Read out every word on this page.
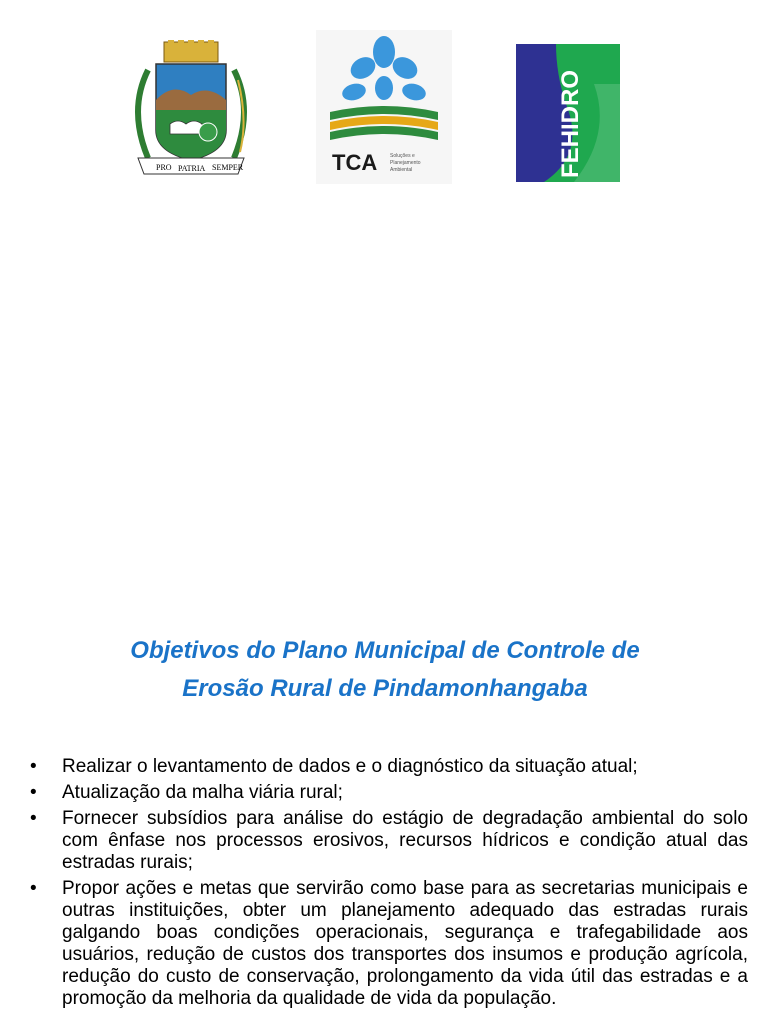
PRO PATRIA SEMPER	TCA	Soluções e
Planejamento
Ambiental	FEHIDRO
Objetivos do Plano Municipal de Controle de
Erosão Rural de Pindamonhangaba
• Realizar o levantamento de dados e o diagnóstico da situação atual;
• Atualização da malha viária rural;
• Fornecer subsídios para análise do estágio de degradação ambiental do solo com ênfase nos processos erosivos, recursos hídricos e condição atual das estradas rurais;
• Propor ações e metas que servirão como base para as secretarias municipais e outras instituições, obter um planejamento adequado das estradas rurais galgando boas condições operacionais, segurança e trafegabilidade aos usuários, redução de custos dos transportes dos insumos e produção agrícola, redução do custo de conservação, prolongamento da vida útil das estradas e a promoção da melhoria da qualidade de vida da população.
